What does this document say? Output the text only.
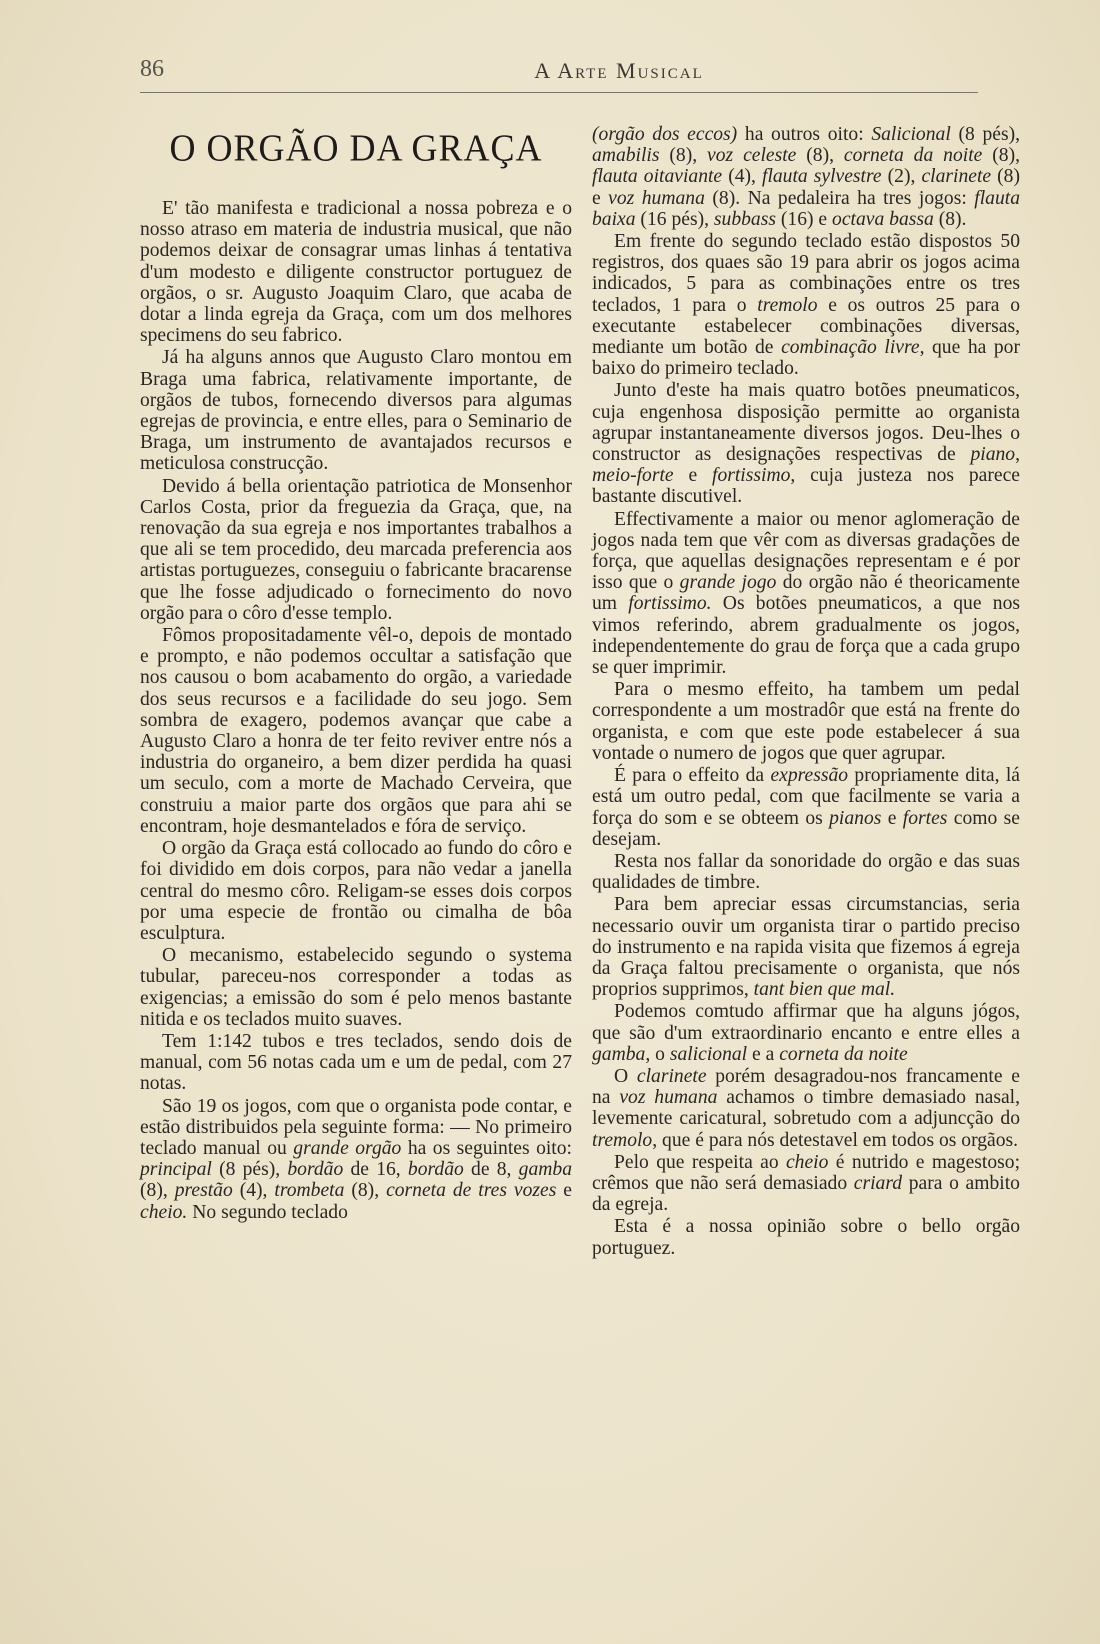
86	A Arte Musical
O ORGÃO DA GRAÇA

E' tão manifesta e tradicional a nossa pobreza e o nosso atraso em materia de industria musical, que não podemos deixar de consagrar umas linhas á tentativa d'um modesto e diligente constructor portuguez de orgãos, o sr. Augusto Joaquim Claro, que acaba de dotar a linda egreja da Graça, com um dos melhores specimens do seu fabrico.

Já ha alguns annos que Augusto Claro montou em Braga uma fabrica, relativamente importante, de orgãos de tubos, fornecendo diversos para algumas egrejas de provincia, e entre elles, para o Seminario de Braga, um instrumento de avantajados recursos e meticulosa construcção.

Devido á bella orientação patriotica de Monsenhor Carlos Costa, prior da freguezia da Graça, que, na renovação da sua egreja e nos importantes trabalhos a que ali se tem procedido, deu marcada preferencia aos artistas portuguezes, conseguiu o fabricante bracarense que lhe fosse adjudicado o fornecimento do novo orgão para o côro d'esse templo.

Fômos propositadamente vêl-o, depois de montado e prompto, e não podemos occultar a satisfação que nos causou o bom acabamento do orgão, a variedade dos seus recursos e a facilidade do seu jogo. Sem sombra de exagero, podemos avançar que cabe a Augusto Claro a honra de ter feito reviver entre nós a industria do organeiro, a bem dizer perdida ha quasi um seculo, com a morte de Machado Cerveira, que construiu a maior parte dos orgãos que para ahi se encontram, hoje desmantelados e fóra de serviço.

O orgão da Graça está collocado ao fundo do côro e foi dividido em dois corpos, para não vedar a janella central do mesmo côro. Religam-se esses dois corpos por uma especie de frontão ou cimalha de bôa esculptura.

O mecanismo, estabelecido segundo o systema tubular, pareceu-nos corresponder a todas as exigencias; a emissão do som é pelo menos bastante nitida e os teclados muito suaves.

Tem 1:142 tubos e tres teclados, sendo dois de manual, com 56 notas cada um e um de pedal, com 27 notas.

São 19 os jogos, com que o organista pode contar, e estão distribuidos pela seguinte forma: — No primeiro teclado manual ou grande orgão ha os seguintes oito: principal (8 pés), bordão de 16, bordão de 8, gamba (8), prestão (4), trombeta (8), corneta de tres vozes e cheio. No segundo teclado

(orgão dos eccos) ha outros oito: Salicional (8 pés), amabilis (8), voz celeste (8), corneta da noite (8), flauta oitaviante (4), flauta sylvestre (2), clarinete (8) e voz humana (8). Na pedaleira ha tres jogos: flauta baixa (16 pés), subbass (16) e octava bassa (8).

Em frente do segundo teclado estão dispostos 50 registros, dos quaes são 19 para abrir os jogos acima indicados, 5 para as combinações entre os tres teclados, 1 para o tremolo e os outros 25 para o executante estabelecer combinações diversas, mediante um botão de combinação livre, que ha por baixo do primeiro teclado.

Junto d'este ha mais quatro botões pneumaticos, cuja engenhosa disposição permitte ao organista agrupar instantaneamente diversos jogos. Deu-lhes o constructor as designações respectivas de piano, meio-forte e fortissimo, cuja justeza nos parece bastante discutivel.

Effectivamente a maior ou menor aglomeração de jogos nada tem que vêr com as diversas gradações de força, que aquellas designações representam e é por isso que o grande jogo do orgão não é theoricamente um fortissimo. Os botões pneumaticos, a que nos vimos referindo, abrem gradualmente os jogos, independentemente do grau de força que a cada grupo se quer imprimir.

Para o mesmo effeito, ha tambem um pedal correspondente a um mostradôr que está na frente do organista, e com que este pode estabelecer á sua vontade o numero de jogos que quer agrupar.

É para o effeito da expressão propriamente dita, lá está um outro pedal, com que facilmente se varia a força do som e se obteem os pianos e fortes como se desejam.

Resta nos fallar da sonoridade do orgão e das suas qualidades de timbre.

Para bem apreciar essas circumstancias, seria necessario ouvir um organista tirar o partido preciso do instrumento e na rapida visita que fizemos á egreja da Graça faltou precisamente o organista, que nós proprios supprimos, tant bien que mal.

Podemos comtudo affirmar que ha alguns jógos, que são d'um extraordinario encanto e entre elles a gamba, o salicional e a corneta da noite

O clarinete porém desagradou-nos francamente e na voz humana achamos o timbre demasiado nasal, levemente caricatural, sobretudo com a adjuncção do tremolo, que é para nós detestavel em todos os orgãos.

Pelo que respeita ao cheio é nutrido e magestoso; crêmos que não será demasiado criard para o ambito da egreja.

Esta é a nossa opinião sobre o bello orgão portuguez.
